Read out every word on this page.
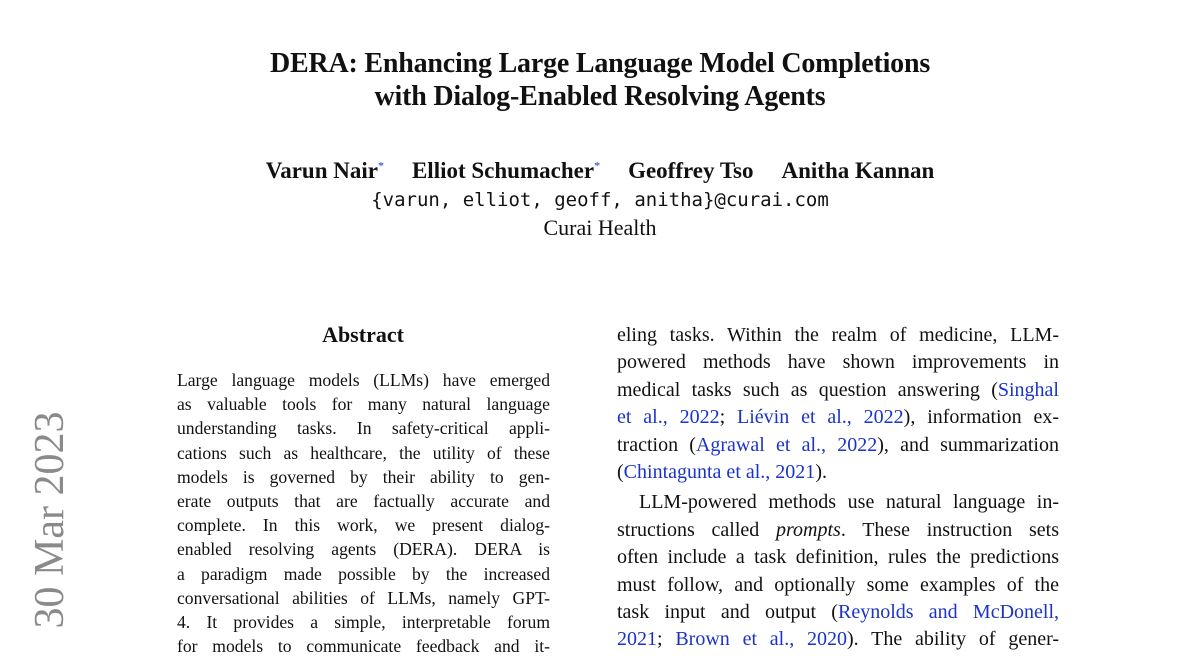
DERA: Enhancing Large Language Model Completions
with Dialog-Enabled Resolving Agents
Varun Nair* Elliot Schumacher* Geoffrey Tso Anitha Kannan
{varun, elliot, geoff, anitha}@curai.com
Curai Health
30 Mar 2023
Abstract
Large language models (LLMs) have emerged
as valuable tools for many natural language
understanding tasks. In safety-critical appli-
cations such as healthcare, the utility of these
models is governed by their ability to gen-
erate outputs that are factually accurate and
complete. In this work, we present dialog-
enabled resolving agents (DERA). DERA is
a paradigm made possible by the increased
conversational abilities of LLMs, namely GPT-
4. It provides a simple, interpretable forum
for models to communicate feedback and it-
eling tasks. Within the realm of medicine, LLM-
powered methods have shown improvements in
medical tasks such as question answering (Singhal
et al., 2022; Liévin et al., 2022), information ex-
traction (Agrawal et al., 2022), and summarization
(Chintagunta et al., 2021).
LLM-powered methods use natural language in-
structions called prompts. These instruction sets
often include a task definition, rules the predictions
must follow, and optionally some examples of the
task input and output (Reynolds and McDonell,
2021; Brown et al., 2020). The ability of gener-
